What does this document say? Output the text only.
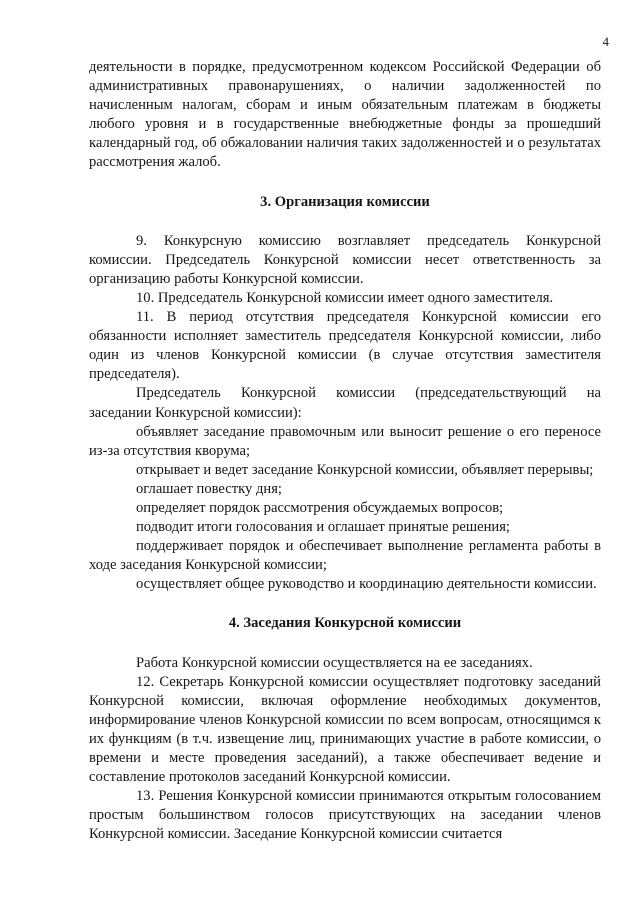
4

деятельности в порядке, предусмотренном кодексом Российской Федерации об административных правонарушениях, о наличии задолженностей по начисленным налогам, сборам и иным обязательным платежам в бюджеты любого уровня и в государственные внебюджетные фонды за прошедший календарный год, об обжаловании наличия таких задолженностей и о результатах рассмотрения жалоб.

3. Организация комиссии

9. Конкурсную комиссию возглавляет председатель Конкурсной комиссии. Председатель Конкурсной комиссии несет ответственность за организацию работы Конкурсной комиссии.

10. Председатель Конкурсной комиссии имеет одного заместителя.

11. В период отсутствия председателя Конкурсной комиссии его обязанности исполняет заместитель председателя Конкурсной комиссии, либо один из членов Конкурсной комиссии (в случае отсутствия заместителя председателя).

Председатель Конкурсной комиссии (председательствующий на заседании Конкурсной комиссии):

объявляет заседание правомочным или выносит решение о его переносе из-за отсутствия кворума;

открывает и ведет заседание Конкурсной комиссии, объявляет перерывы;

оглашает повестку дня;

определяет порядок рассмотрения обсуждаемых вопросов;

подводит итоги голосования и оглашает принятые решения;

поддерживает порядок и обеспечивает выполнение регламента работы в ходе заседания Конкурсной комиссии;

осуществляет общее руководство и координацию деятельности комиссии.

4. Заседания Конкурсной комиссии

Работа Конкурсной комиссии осуществляется на ее заседаниях.

12. Секретарь Конкурсной комиссии осуществляет подготовку заседаний Конкурсной комиссии, включая оформление необходимых документов, информирование членов Конкурсной комиссии по всем вопросам, относящимся к их функциям (в т.ч. извещение лиц, принимающих участие в работе комиссии, о времени и месте проведения заседаний), а также обеспечивает ведение и составление протоколов заседаний Конкурсной комиссии.

13. Решения Конкурсной комиссии принимаются открытым голосованием простым большинством голосов присутствующих на заседании членов Конкурсной комиссии. Заседание Конкурсной комиссии считается
